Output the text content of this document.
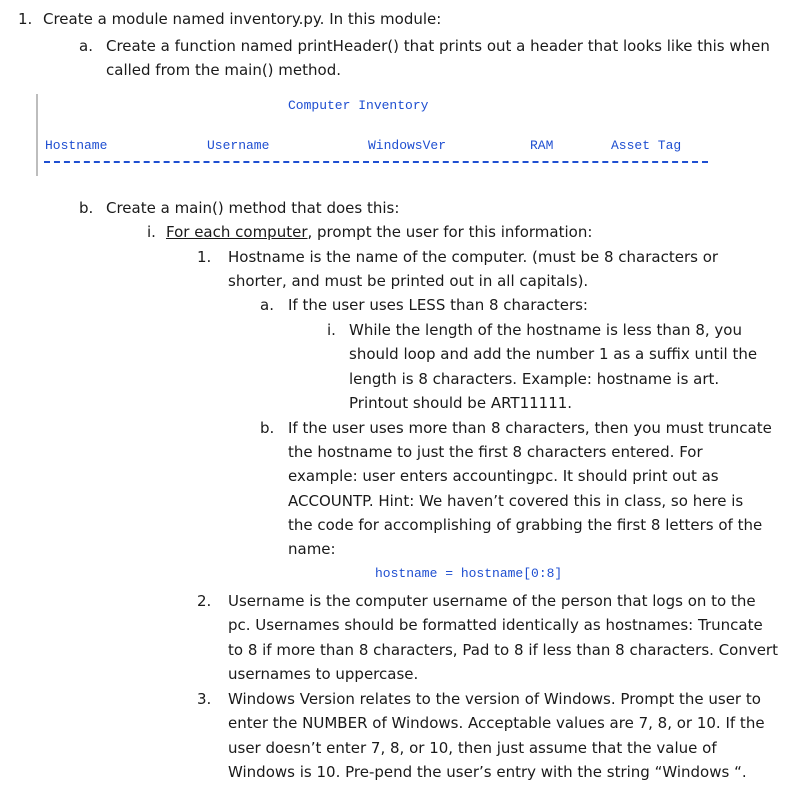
1. Create a module named inventory.py. In this module:
a. Create a function named printHeader() that prints out a header that looks like this when
called from the main() method.
Computer Inventory
Hostname	Username	WindowsVer	RAM	Asset Tag
b. Create a main() method that does this:
i. For each computer, prompt the user for this information:
1. Hostname is the name of the computer. (must be 8 characters or
shorter, and must be printed out in all capitals).
a. If the user uses LESS than 8 characters:
i. While the length of the hostname is less than 8, you
should loop and add the number 1 as a suffix until the
length is 8 characters. Example: hostname is art.
Printout should be ART11111.
b. If the user uses more than 8 characters, then you must truncate
the hostname to just the first 8 characters entered. For
example: user enters accountingpc. It should print out as
ACCOUNTP. Hint: We haven’t covered this in class, so here is
the code for accomplishing of grabbing the first 8 letters of the
name:
hostname = hostname[0:8]
2. Username is the computer username of the person that logs on to the
pc. Usernames should be formatted identically as hostnames: Truncate
to 8 if more than 8 characters, Pad to 8 if less than 8 characters. Convert
usernames to uppercase.
3. Windows Version relates to the version of Windows. Prompt the user to
enter the NUMBER of Windows. Acceptable values are 7, 8, or 10. If the
user doesn’t enter 7, 8, or 10, then just assume that the value of
Windows is 10. Pre-pend the user’s entry with the string “Windows “.
